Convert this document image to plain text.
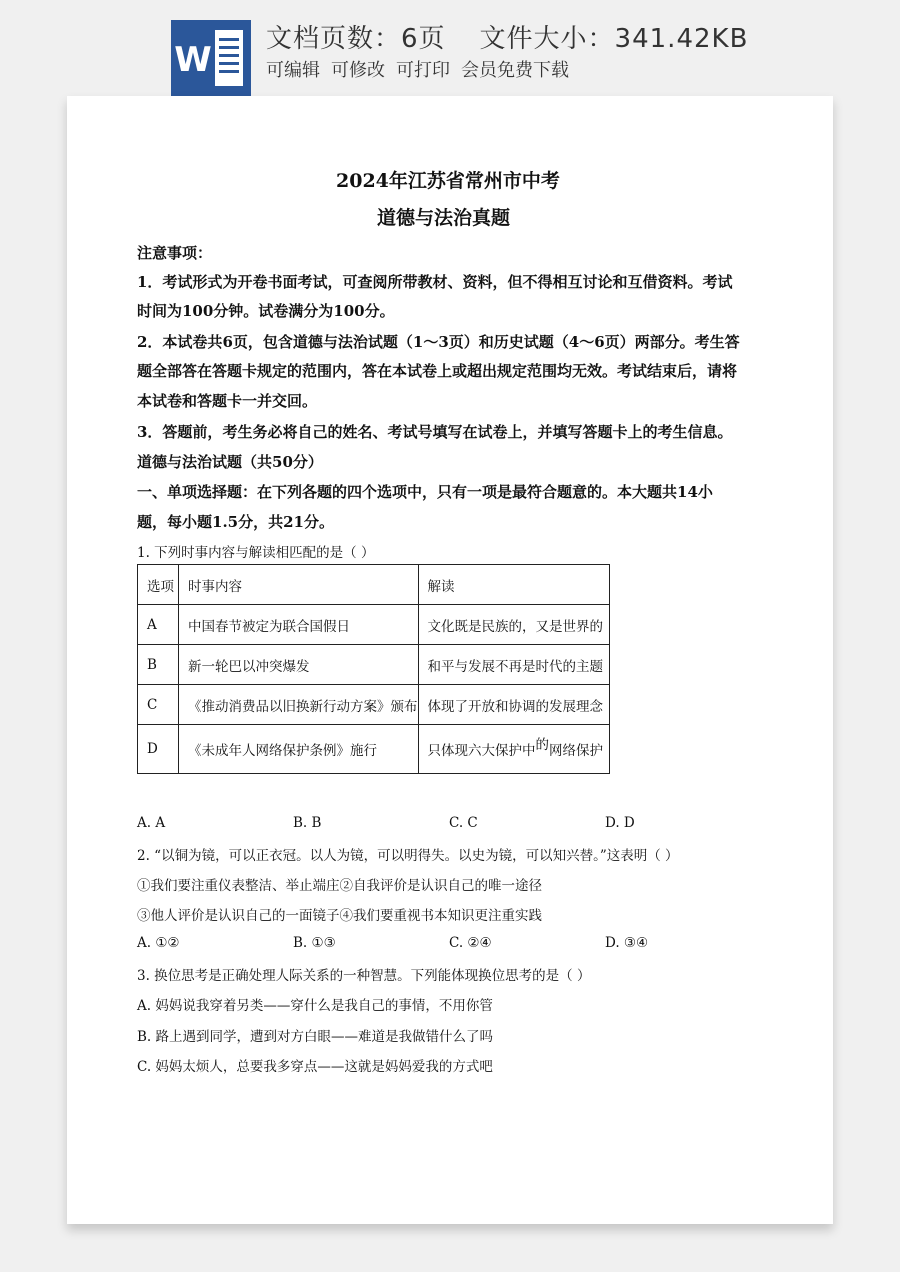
W
文档页数：6页 文件大小：341.42KB
可编辑 可修改 可打印 会员免费下载
2024年江苏省常州市中考
道德与法治真题
注意事项：
1．考试形式为开卷书面考试，可查阅所带教材、资料，但不得相互讨论和互借资料。考试
时间为100分钟。试卷满分为100分。
2．本试卷共6页，包含道德与法治试题（1～3页）和历史试题（4～6页）两部分。考生答
题全部答在答题卡规定的范围内，答在本试卷上或超出规定范围均无效。考试结束后，请将
本试卷和答题卡一并交回。
3．答题前，考生务必将自己的姓名、考试号填写在试卷上，并填写答题卡上的考生信息。
道德与法治试题（共50分）
一、单项选择题：在下列各题的四个选项中，只有一项是最符合题意的。本大题共14小
题，每小题1.5分，共21分。
1. 下列时事内容与解读相匹配的是（ ）
选项	时事内容	解读
A	中国春节被定为联合国假日	文化既是民族的，又是世界的
B	新一轮巴以冲突爆发	和平与发展不再是时代的主题
C	《推动消费品以旧换新行动方案》颁布	体现了开放和协调的发展理念
D	《未成年人网络保护条例》施行	只体现六大保护中的网络保护
A. A	B. B	C. C	D. D
2. “以铜为镜，可以正衣冠。以人为镜，可以明得失。以史为镜，可以知兴替。”这表明（ ）
①我们要注重仪表整洁、举止端庄②自我评价是认识自己的唯一途径
③他人评价是认识自己的一面镜子④我们要重视书本知识更注重实践
A. ①②	B. ①③	C. ②④	D. ③④
3. 换位思考是正确处理人际关系的一种智慧。下列能体现换位思考的是（ ）
A. 妈妈说我穿着另类——穿什么是我自己的事情，不用你管
B. 路上遇到同学，遭到对方白眼——难道是我做错什么了吗
C. 妈妈太烦人，总要我多穿点——这就是妈妈爱我的方式吧
